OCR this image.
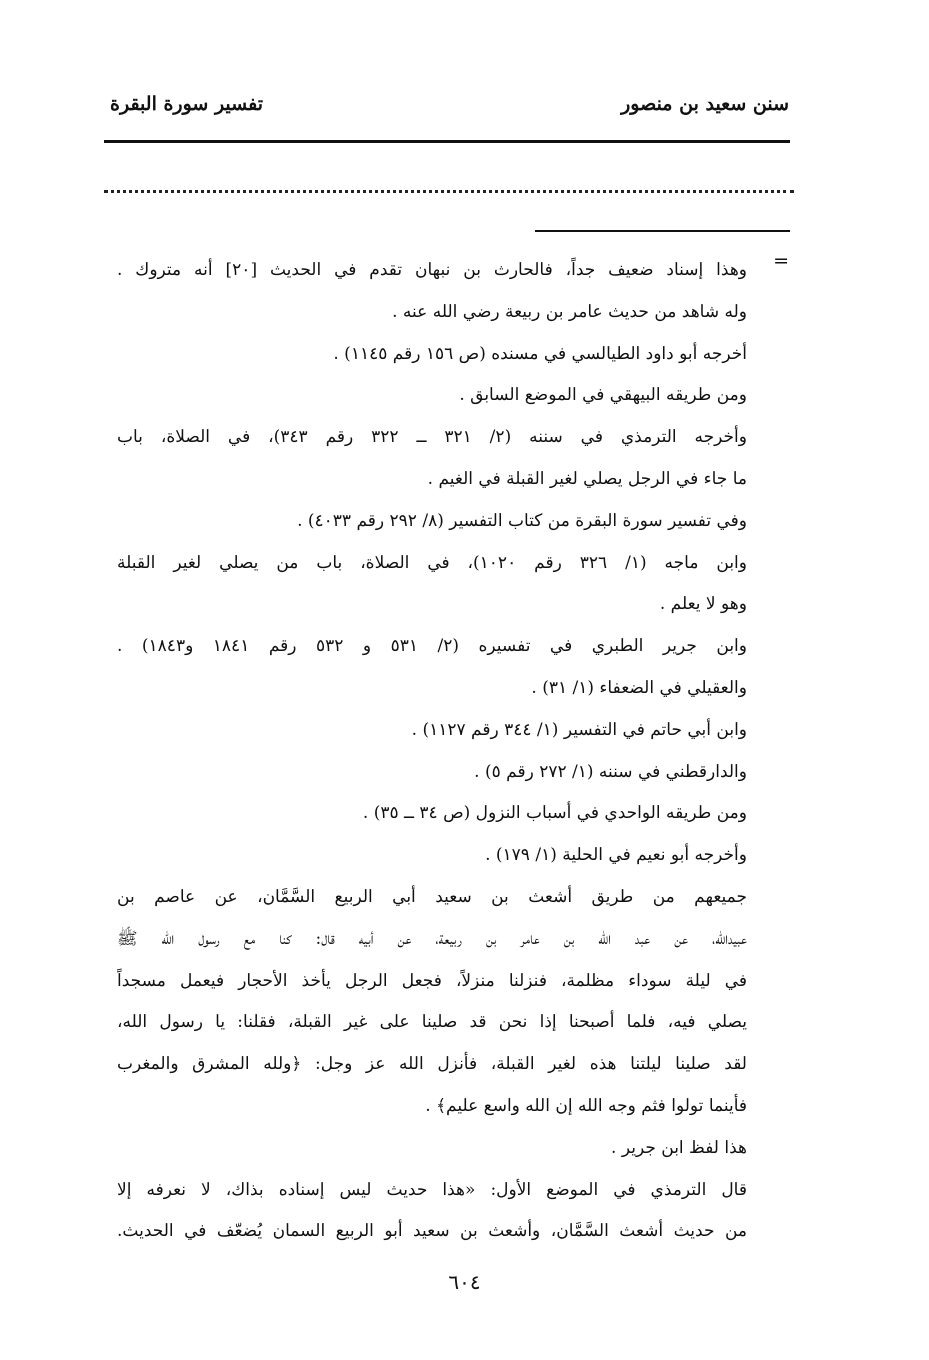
سنن سعيد بن منصور
تفسير سورة البقرة
=
وهذا إسناد ضعيف جداً، فالحارث بن نبهان تقدم في الحديث [٢٠] أنه متروك .
وله شاهد من حديث عامر بن ربيعة رضي الله عنه .
أخرجه أبو داود الطيالسي في مسنده (ص ١٥٦ رقم ١١٤٥) .
ومن طريقه البيهقي في الموضع السابق .
وأخرجه الترمذي في سننه (٢/ ٣٢١ ــ ٣٢٢ رقم ٣٤٣)، في الصلاة، باب
ما جاء في الرجل يصلي لغير القبلة في الغيم .
وفي تفسير سورة البقرة من كتاب التفسير (٨/ ٢٩٢ رقم ٤٠٣٣) .
وابن ماجه (١/ ٣٢٦ رقم ١٠٢٠)، في الصلاة، باب من يصلي لغير القبلة
وهو لا يعلم .
وابن جرير الطبري في تفسيره (٢/ ٥٣١ و ٥٣٢ رقم ١٨٤١ و١٨٤٣) .
والعقيلي في الضعفاء (١/ ٣١) .
وابن أبي حاتم في التفسير (١/ ٣٤٤ رقم ١١٢٧) .
والدارقطني في سننه (١/ ٢٧٢ رقم ٥) .
ومن طريقه الواحدي في أسباب النزول (ص ٣٤ ــ ٣٥) .
وأخرجه أبو نعيم في الحلية (١/ ١٧٩) .
جميعهم من طريق أشعث بن سعيد أبي الربيع السَّمَّان، عن عاصم بن
عبيدالله، عن عبد الله بن عامر بن ربيعة، عن أبيه قال: كنا مع رسول الله ﷺ
في ليلة سوداء مظلمة، فنزلنا منزلاً، فجعل الرجل يأخذ الأحجار فيعمل مسجداً
يصلي فيه، فلما أصبحنا إذا نحن قد صلينا على غير القبلة، فقلنا: يا رسول الله،
لقد صلينا ليلتنا هذه لغير القبلة، فأنزل الله عز وجل: ﴿ولله المشرق والمغرب
فأينما تولوا فثم وجه الله إن الله واسع عليم﴾ .
هذا لفظ ابن جرير .
قال الترمذي في الموضع الأول: «هذا حديث ليس إسناده بذاك، لا نعرفه إلا
من حديث أشعث السَّمَّان، وأشعث بن سعيد أبو الربيع السمان يُضعّف في الحديث.
٦٠٤
